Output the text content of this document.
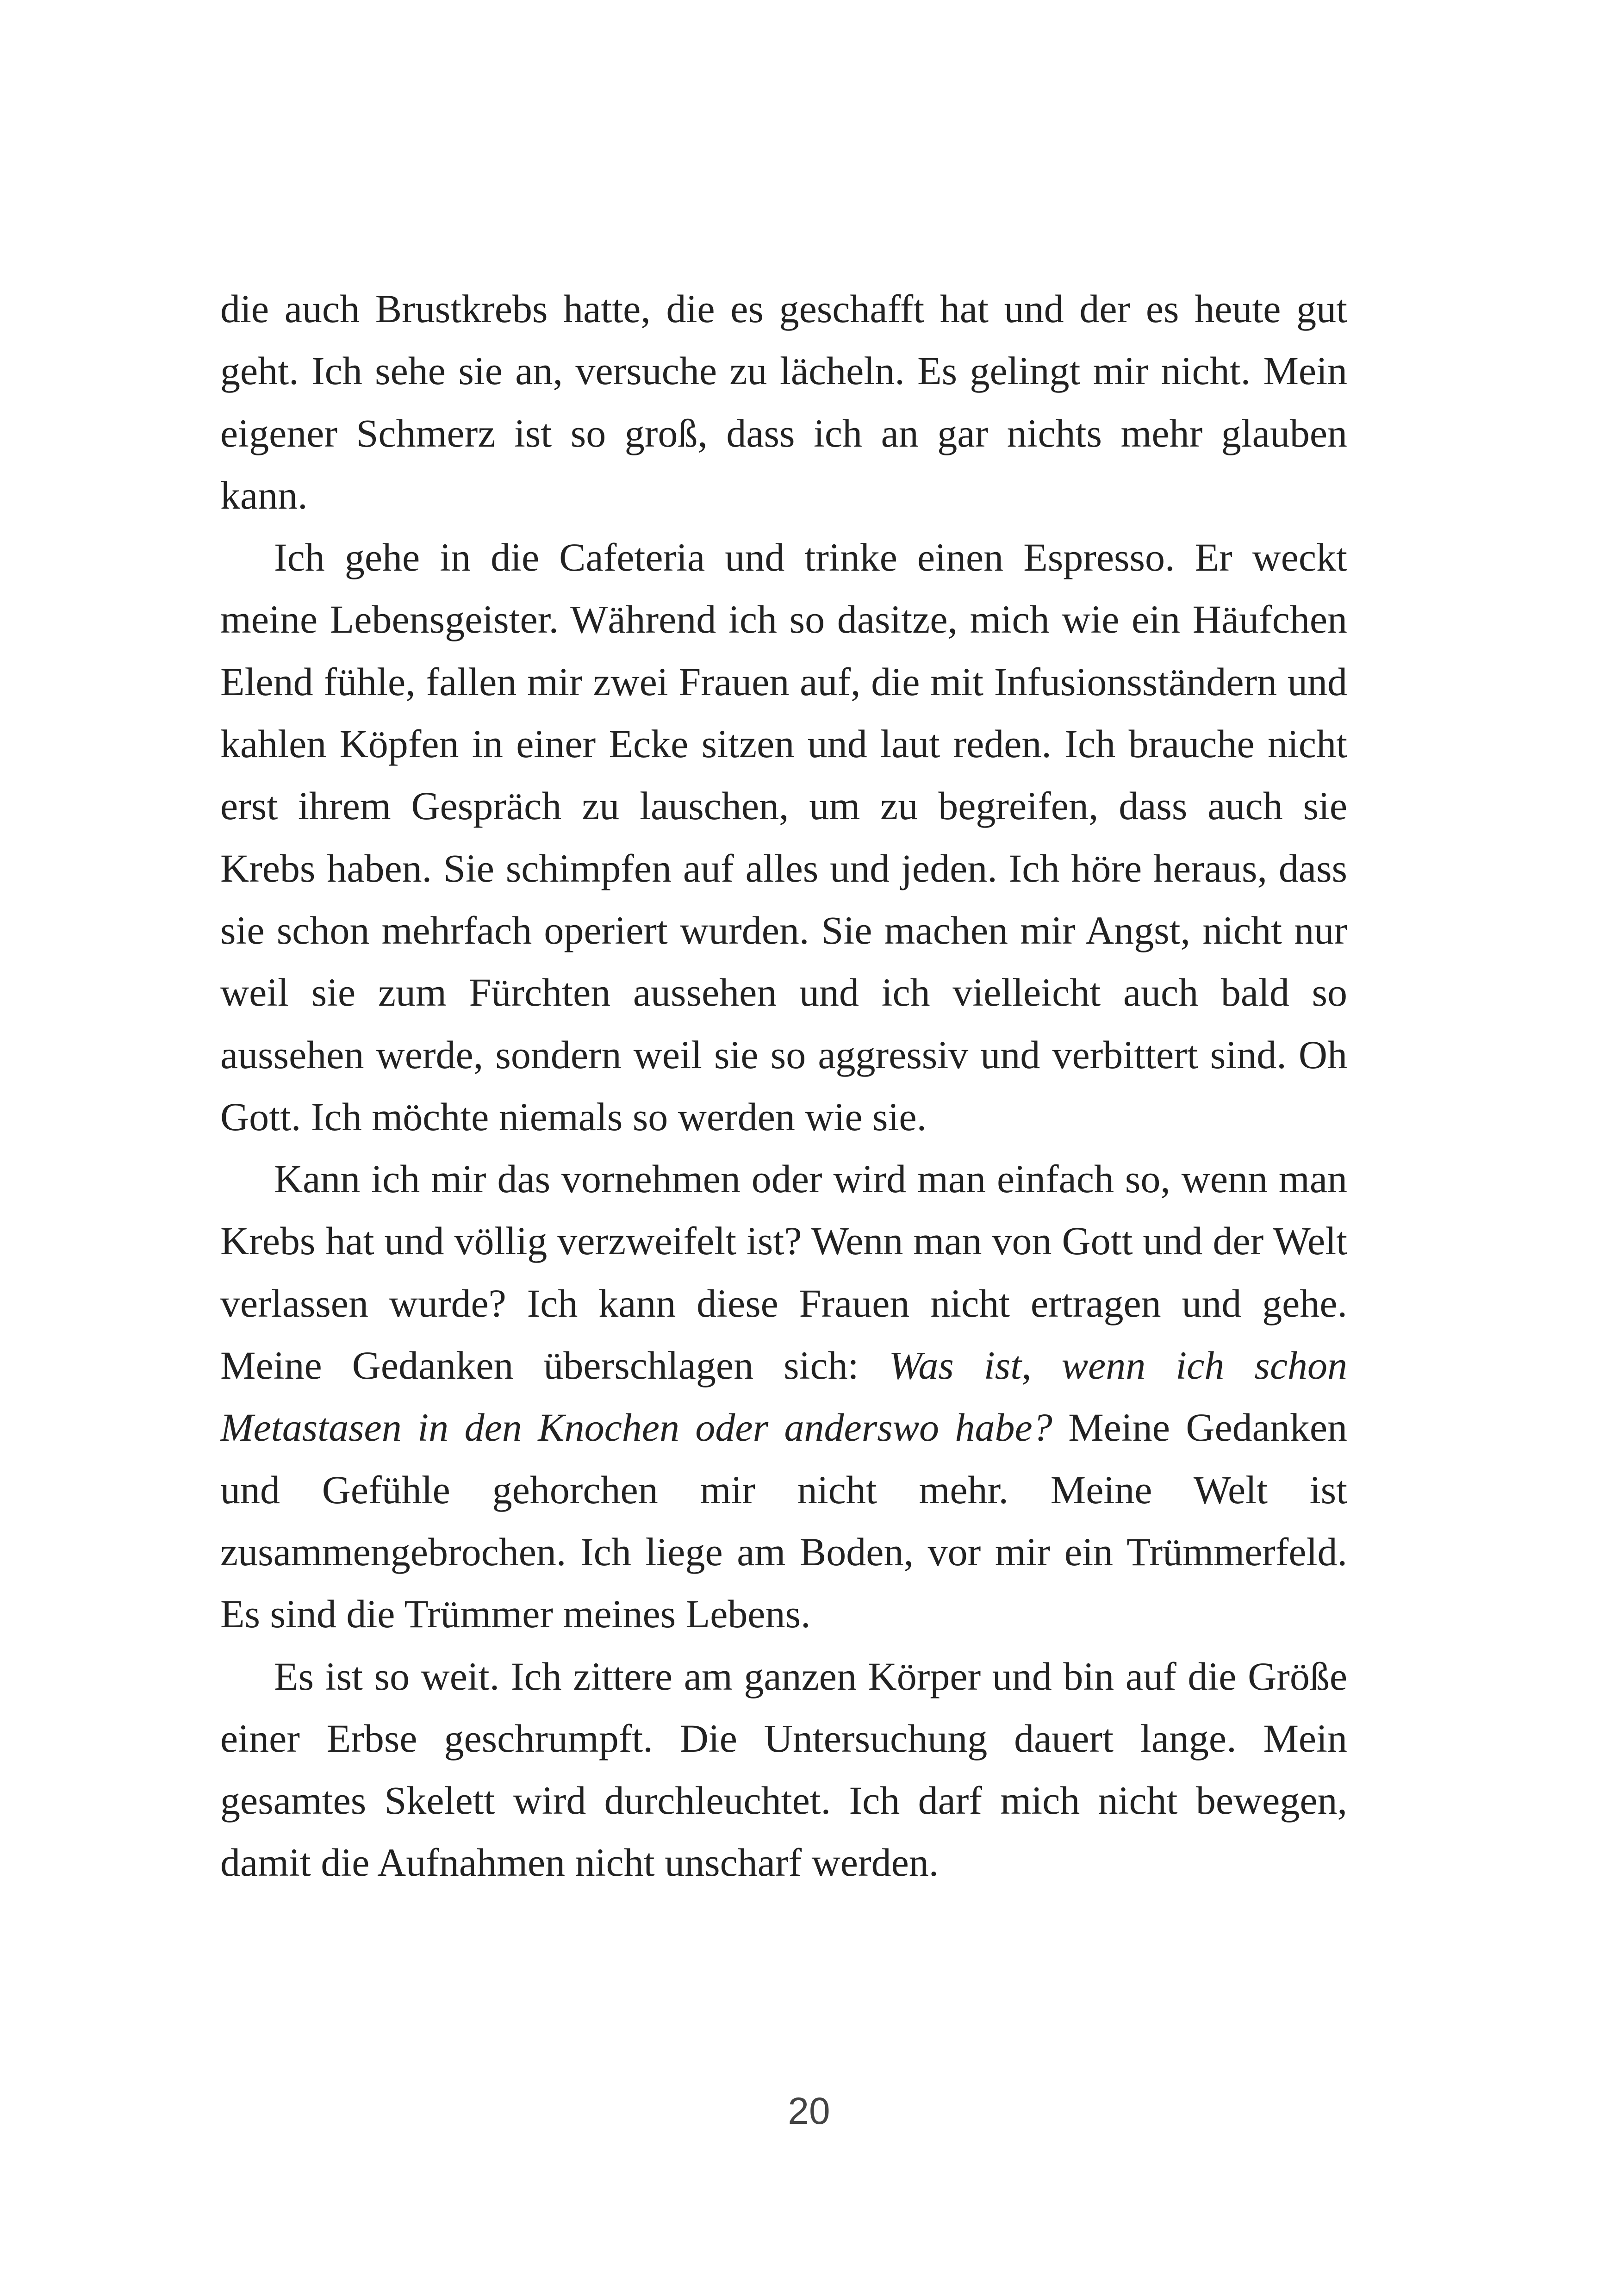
die auch Brustkrebs hatte, die es geschafft hat und der es heute gut geht. Ich sehe sie an, versuche zu lächeln. Es gelingt mir nicht. Mein eigener Schmerz ist so groß, dass ich an gar nichts mehr glauben kann.

Ich gehe in die Cafeteria und trinke einen Espresso. Er weckt meine Lebensgeister. Während ich so dasitze, mich wie ein Häufchen Elend fühle, fallen mir zwei Frauen auf, die mit Infusionsständern und kahlen Köpfen in einer Ecke sitzen und laut reden. Ich brauche nicht erst ihrem Gespräch zu lauschen, um zu begreifen, dass auch sie Krebs haben. Sie schimpfen auf alles und jeden. Ich höre heraus, dass sie schon mehrfach operiert wurden. Sie machen mir Angst, nicht nur weil sie zum Fürchten aussehen und ich vielleicht auch bald so aussehen werde, sondern weil sie so aggressiv und verbittert sind. Oh Gott. Ich möchte niemals so werden wie sie.

Kann ich mir das vornehmen oder wird man einfach so, wenn man Krebs hat und völlig verzweifelt ist? Wenn man von Gott und der Welt verlassen wurde? Ich kann diese Frauen nicht ertragen und gehe. Meine Gedanken überschlagen sich: Was ist, wenn ich schon Metastasen in den Knochen oder anderswo habe? Meine Gedanken und Gefühle gehorchen mir nicht mehr. Meine Welt ist zusammengebrochen. Ich liege am Boden, vor mir ein Trümmerfeld. Es sind die Trümmer meines Lebens.

Es ist so weit. Ich zittere am ganzen Körper und bin auf die Größe einer Erbse geschrumpft. Die Untersuchung dauert lange. Mein gesamtes Skelett wird durchleuchtet. Ich darf mich nicht bewegen, damit die Aufnahmen nicht unscharf werden.

20
